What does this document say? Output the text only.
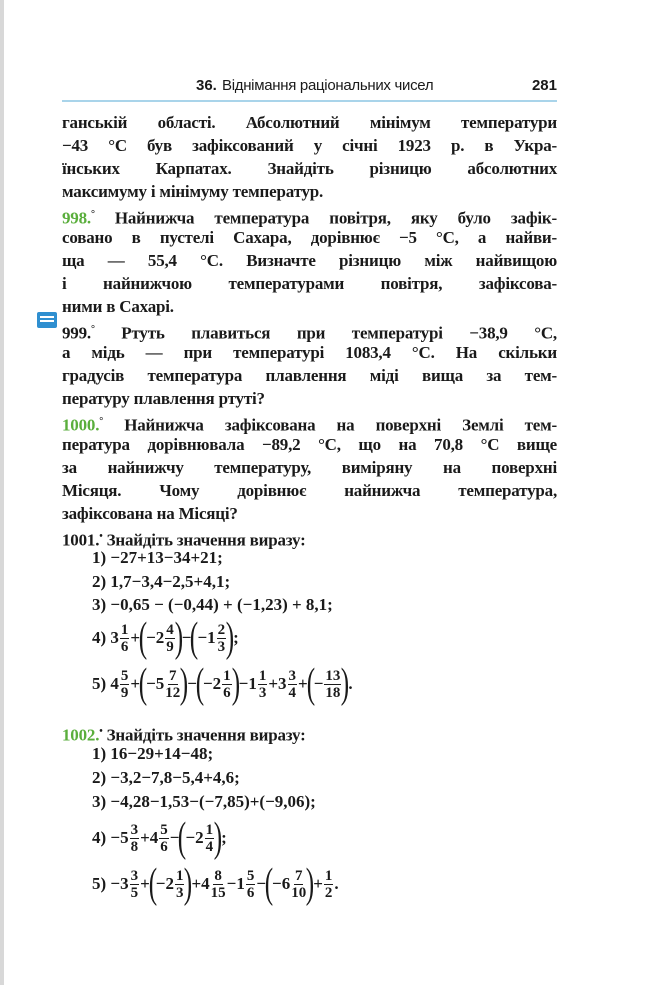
36. Віднімання раціональних чисел	281
ганській області. Абсолютний мінімум температури
−43 °С був зафіксований у січні 1923 р. в Укра-
їнських Карпатах. Знайдіть різницю абсолютних
максимуму і мінімуму температур.
998.° Найнижча температура повітря, яку було зафік-
совано в пустелі Сахара, дорівнює −5 °С, а найви-
ща — 55,4 °С. Визначте різницю між найвищою
і найнижчою температурами повітря, зафіксова-
ними в Сахарі.
999.° Ртуть плавиться при температурі −38,9 °С,
а мідь — при температурі 1083,4 °С. На скільки
градусів температура плавлення міді вища за тем-
пературу плавлення ртуті?
1000.° Найнижча зафіксована на поверхні Землі тем-
пература дорівнювала −89,2 °С, що на 70,8 °С вище
за найнижчу температуру, виміряну на поверхні
Місяця. Чому дорівнює найнижча температура,
зафіксована на Місяці?
1001.• Знайдіть значення виразу:
1) −27+13−34+21;
2) 1,7−3,4−2,5+4,1;
3) −0,65 − (−0,44) + (−1,23) + 8,1;
4) $3 \frac{1}{6}$ +
(
$-2 \frac{4}{9}$ )
−
(
$-1 \frac{2}{3}$ )
;
5) $4 \frac{5}{9}$ +
(
$-5 \frac{7}{12}$ )
−
(
$-2 \frac{1}{6}$ )
$-1 \frac{1}{3} +3 \frac{3}{4}$ +
(
− $\frac{13}{18}$ )
.
1002.• Знайдіть значення виразу:
1) 16−29+14−48;
2) −3,2−7,8−5,4+4,6;
3) −4,28−1,53−(−7,85)+(−9,06);
$4) -5 \frac{3}{8} +4 \frac{5}{6}$ −
(
$-2 \frac{1}{4}$ )
;
$5) -3 \frac{3}{5}$ +
(
$-2 \frac{1}{3}$ )
$+4 \frac{8}{15} -1 \frac{5}{6}$ −
(
$-6 \frac{7}{10}$ )
+ $\frac{1}{2}$ .
